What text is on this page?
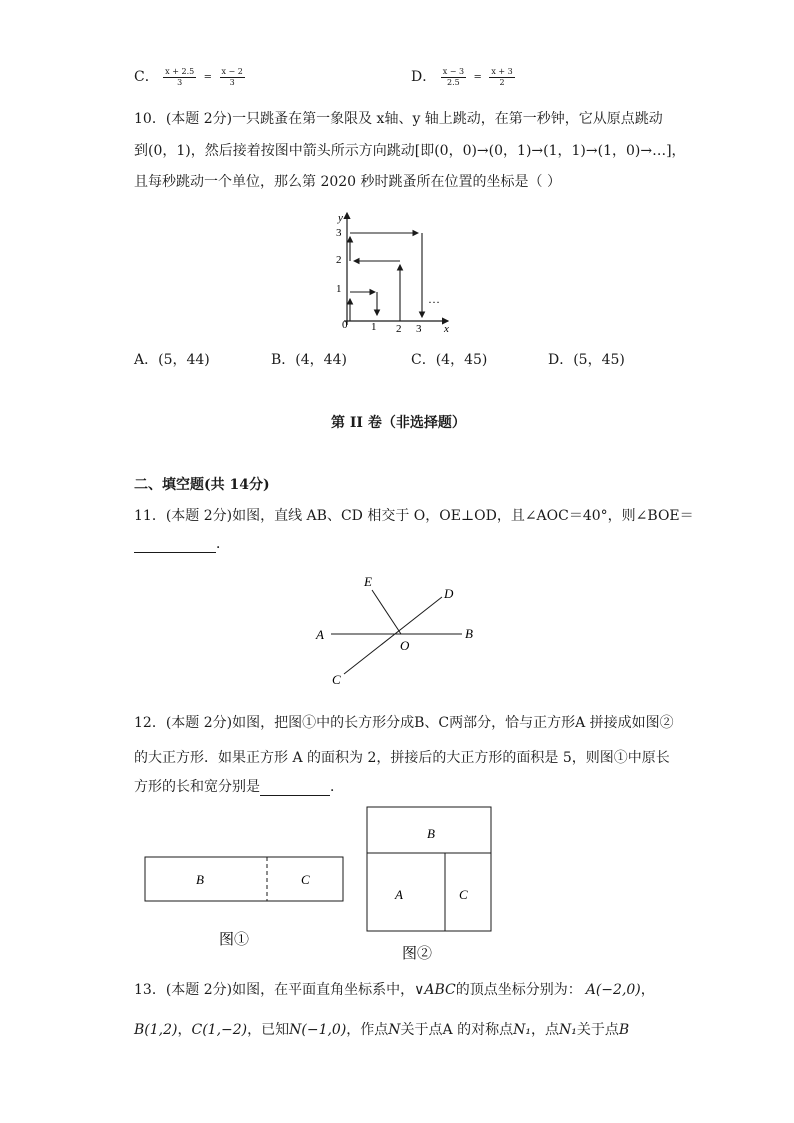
C． $\frac{x + 2.5}{3} = \frac{x - 2}{3}$	D． $\frac{x - 3}{2.5} = \frac{x + 3}{2}$
10．(本题 2分)一只跳蚤在第一象限及 x轴、y 轴上跳动，在第一秒钟，它从原点跳动
到(0，1)，然后接着按图中箭头所示方向跳动[即(0，0)→(0，1)→(1，1)→(1，0)→…]，
且每秒跳动一个单位，那么第 2020 秒时跳蚤所在位置的坐标是（ ）
y
x
0 1 2 3
1
2
3
…
A．(5，44)	B．(4，44)	C．(4，45)	D．(5，45)
第 II 卷（非选择题）
二、填空题(共 14分)
11．(本题 2分)如图，直线 AB、CD 相交于 O，OE⊥OD，且∠AOC＝40°，则∠BOE＝
．
E
D
A	B
O
C
12．(本题 2分)如图，把图①中的长方形分成B、C两部分，恰与正方形A 拼接成如图②
的大正方形．如果正方形 A 的面积为 2，拼接后的大正方形的面积是 5，则图①中原长
方形的长和宽分别是	．
B	C
图①
B
A	C
图②
13．(本题 2分)如图，在平面直角坐标系中，∨ABC的顶点坐标分别为： A(−2,0)，
B(1,2)，C(1,−2)，已知N(−1,0)，作点N关于点A 的对称点N₁，点N₁关于点B
